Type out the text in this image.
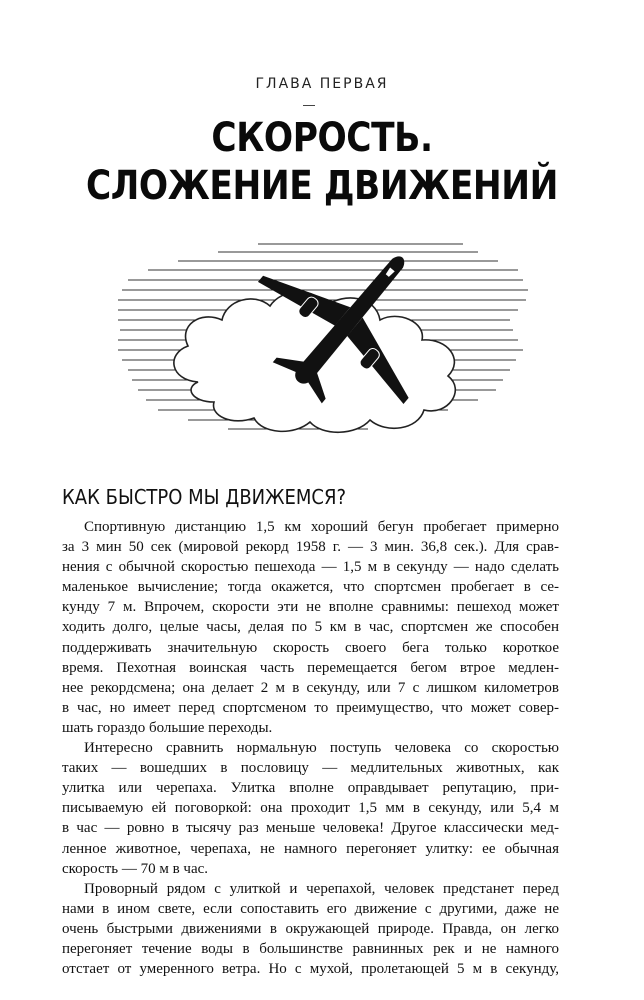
ГЛАВА ПЕРВАЯ
СКОРОСТЬ.
СЛОЖЕНИЕ ДВИЖЕНИЙ
КАК БЫСТРО МЫ ДВИЖЕМСЯ?
Спортивную дистанцию 1,5 км хороший бегун пробегает примерно
за 3 мин 50 сек (мировой рекорд 1958 г. — 3 мин. 36,8 сек.). Для срав-
нения с обычной скоростью пешехода — 1,5 м в секунду — надо сделать
маленькое вычисление; тогда окажется, что спортсмен пробегает в се-
кунду 7 м. Впрочем, скорости эти не вполне сравнимы: пешеход может
ходить долго, целые часы, делая по 5 км в час, спортсмен же способен
поддерживать значительную скорость своего бега только короткое
время. Пехотная воинская часть перемещается бегом втрое медлен-
нее рекордсмена; она делает 2 м в секунду, или 7 с лишком километров
в час, но имеет перед спортсменом то преимущество, что может совер-
шать гораздо большие переходы.
Интересно сравнить нормальную поступь человека со скоростью
таких — вошедших в пословицу — медлительных животных, как
улитка или черепаха. Улитка вполне оправдывает репутацию, при-
писываемую ей поговоркой: она проходит 1,5 мм в секунду, или 5,4 м
в час — ровно в тысячу раз меньше человека! Другое классически мед-
ленное животное, черепаха, не намного перегоняет улитку: ее обычная
скорость — 70 м в час.
Проворный рядом с улиткой и черепахой, человек предстанет перед
нами в ином свете, если сопоставить его движение с другими, даже не
очень быстрыми движениями в окружающей природе. Правда, он легко
перегоняет течение воды в большинстве равнинных рек и не намного
отстает от умеренного ветра. Но с мухой, пролетающей 5 м в секунду,
